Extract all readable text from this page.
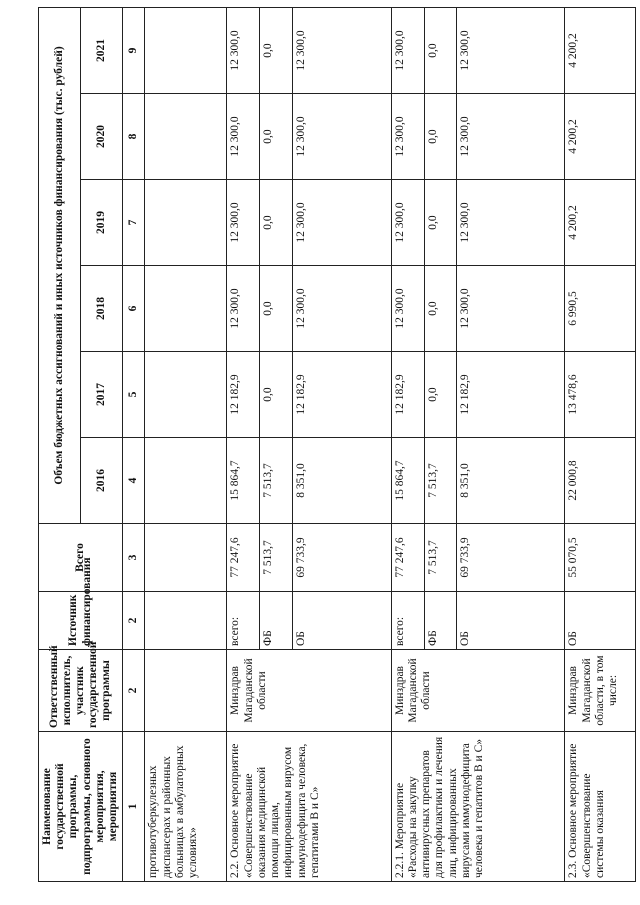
Наименование государственной программы, подпрограммы, основного мероприятия, мероприятия	Ответственный исполнитель, участник государственной программы	Источник финансирования	Всего	Объем бюджетных ассигнований и иных источников финансирования (тыс. рублей)					
				2016	2017	2018	2019	2020	2021
1	2	2	3	4	5	6	7	8	9
противотуберкулезных диспансерах и районных больницах в амбулаторных условиях»									
2.2. Основное мероприятие «Совершенствование оказания медицинской помощи лицам, инфицированным вирусом иммунодефицита человека, гепатитами B и C»	Минздрав Магаданской области	всего:	77 247,6	15 864,7	12 182,9	12 300,0	12 300,0	12 300,0	12 300,0
		ФБ	7 513,7	7 513,7	0,0	0,0	0,0	0,0	0,0
		ОБ	69 733,9	8 351,0	12 182,9	12 300,0	12 300,0	12 300,0	12 300,0
2.2.1. Мероприятие «Расходы на закупку антивирусных препаратов для профилактики и лечения лиц, инфицированных вирусами иммунодефицита человека и гепатитов B и C»	Минздрав Магаданской области	всего:	77 247,6	15 864,7	12 182,9	12 300,0	12 300,0	12 300,0	12 300,0
		ФБ	7 513,7	7 513,7	0,0	0,0	0,0	0,0	0,0
		ОБ	69 733,9	8 351,0	12 182,9	12 300,0	12 300,0	12 300,0	12 300,0
2.3. Основное мероприятие «Совершенствование системы оказания	Минздрав Магаданской области, в том числе:	ОБ	55 070,5	22 000,8	13 478,6	6 990,5	4 200,2	4 200,2	4 200,2
